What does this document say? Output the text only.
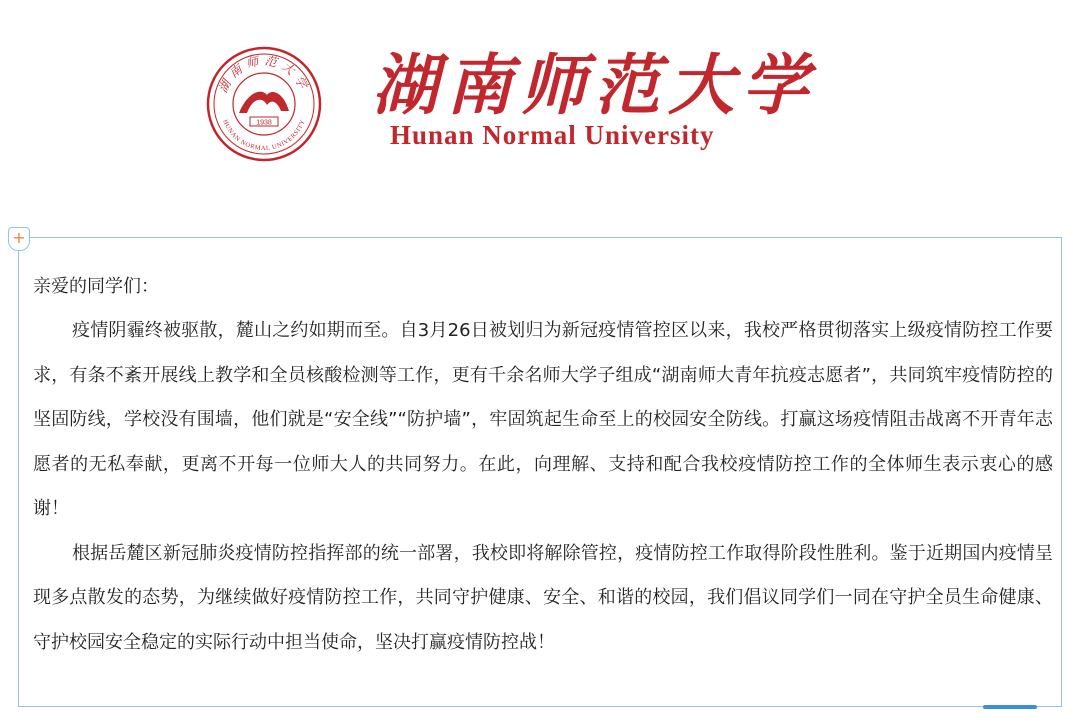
湖南师范大学
HUNAN NORMAL UNIVERSITY
1938 湖南师范大学
Hunan Normal University
+

亲爱的同学们：

疫情阴霾终被驱散，麓山之约如期而至。自3月26日被划归为新冠疫情管控区以来，我校严格贯彻落实上级疫情防控工作要求，有条不紊开展线上教学和全员核酸检测等工作，更有千余名师大学子组成“湖南师大青年抗疫志愿者”，共同筑牢疫情防控的坚固防线，学校没有围墙，他们就是“安全线”“防护墙”，牢固筑起生命至上的校园安全防线。打赢这场疫情阻击战离不开青年志愿者的无私奉献，更离不开每一位师大人的共同努力。在此，向理解、支持和配合我校疫情防控工作的全体师生表示衷心的感谢！

根据岳麓区新冠肺炎疫情防控指挥部的统一部署，我校即将解除管控，疫情防控工作取得阶段性胜利。鉴于近期国内疫情呈现多点散发的态势，为继续做好疫情防控工作，共同守护健康、安全、和谐的校园，我们倡议同学们一同在守护全员生命健康、守护校园安全稳定的实际行动中担当使命，坚决打赢疫情防控战！
